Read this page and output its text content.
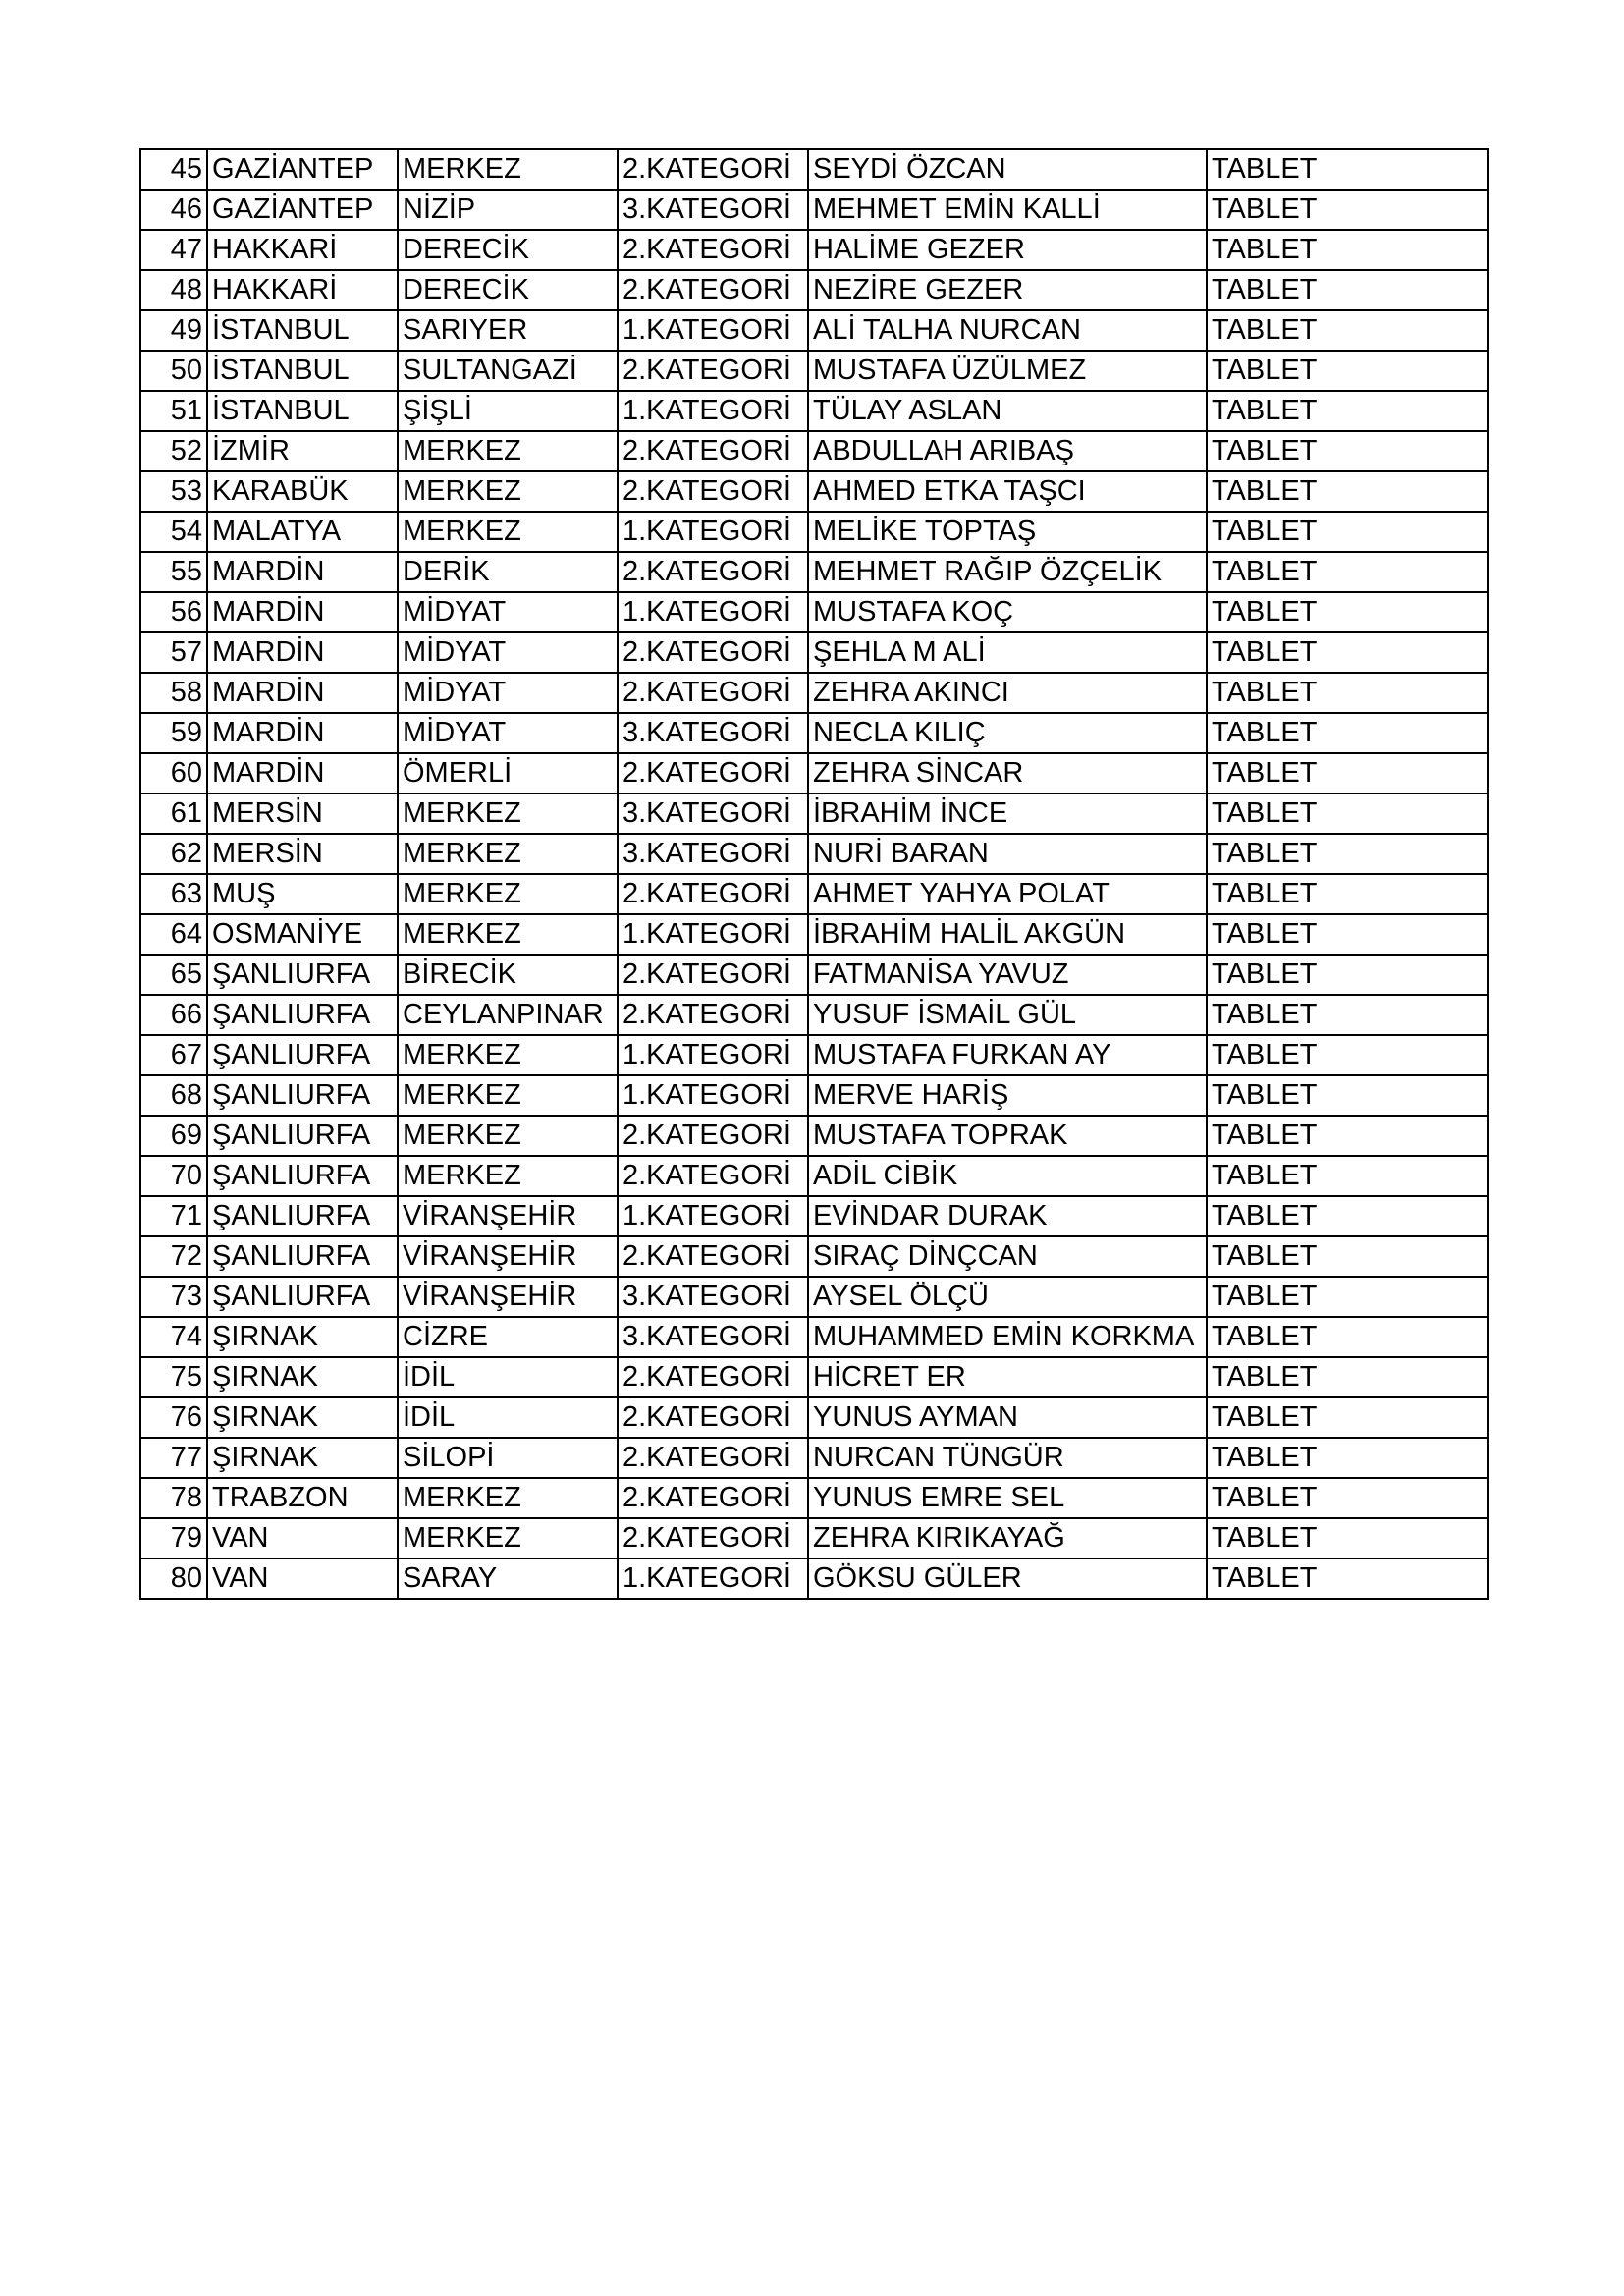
45	GAZİANTEP	MERKEZ	2.KATEGORİ	SEYDİ ÖZCAN	TABLET
46	GAZİANTEP	NİZİP	3.KATEGORİ	MEHMET EMİN KALLİ	TABLET
47	HAKKARİ	DERECİK	2.KATEGORİ	HALİME GEZER	TABLET
48	HAKKARİ	DERECİK	2.KATEGORİ	NEZİRE GEZER	TABLET
49	İSTANBUL	SARIYER	1.KATEGORİ	ALİ TALHA NURCAN	TABLET
50	İSTANBUL	SULTANGAZİ	2.KATEGORİ	MUSTAFA ÜZÜLMEZ	TABLET
51	İSTANBUL	ŞİŞLİ	1.KATEGORİ	TÜLAY ASLAN	TABLET
52	İZMİR	MERKEZ	2.KATEGORİ	ABDULLAH ARIBAŞ	TABLET
53	KARABÜK	MERKEZ	2.KATEGORİ	AHMED ETKA TAŞCI	TABLET
54	MALATYA	MERKEZ	1.KATEGORİ	MELİKE TOPTAŞ	TABLET
55	MARDİN	DERİK	2.KATEGORİ	MEHMET RAĞIP ÖZÇELİK	TABLET
56	MARDİN	MİDYAT	1.KATEGORİ	MUSTAFA KOÇ	TABLET
57	MARDİN	MİDYAT	2.KATEGORİ	ŞEHLA M ALİ	TABLET
58	MARDİN	MİDYAT	2.KATEGORİ	ZEHRA AKINCI	TABLET
59	MARDİN	MİDYAT	3.KATEGORİ	NECLA KILIÇ	TABLET
60	MARDİN	ÖMERLİ	2.KATEGORİ	ZEHRA SİNCAR	TABLET
61	MERSİN	MERKEZ	3.KATEGORİ	İBRAHİM İNCE	TABLET
62	MERSİN	MERKEZ	3.KATEGORİ	NURİ BARAN	TABLET
63	MUŞ	MERKEZ	2.KATEGORİ	AHMET YAHYA POLAT	TABLET
64	OSMANİYE	MERKEZ	1.KATEGORİ	İBRAHİM HALİL AKGÜN	TABLET
65	ŞANLIURFA	BİRECİK	2.KATEGORİ	FATMANİSA YAVUZ	TABLET
66	ŞANLIURFA	CEYLANPINAR	2.KATEGORİ	YUSUF İSMAİL GÜL	TABLET
67	ŞANLIURFA	MERKEZ	1.KATEGORİ	MUSTAFA FURKAN AY	TABLET
68	ŞANLIURFA	MERKEZ	1.KATEGORİ	MERVE HARİŞ	TABLET
69	ŞANLIURFA	MERKEZ	2.KATEGORİ	MUSTAFA TOPRAK	TABLET
70	ŞANLIURFA	MERKEZ	2.KATEGORİ	ADİL CİBİK	TABLET
71	ŞANLIURFA	VİRANŞEHİR	1.KATEGORİ	EVİNDAR DURAK	TABLET
72	ŞANLIURFA	VİRANŞEHİR	2.KATEGORİ	SIRAÇ DİNÇCAN	TABLET
73	ŞANLIURFA	VİRANŞEHİR	3.KATEGORİ	AYSEL ÖLÇÜ	TABLET
74	ŞIRNAK	CİZRE	3.KATEGORİ	MUHAMMED EMİN KORKMA	TABLET
75	ŞIRNAK	İDİL	2.KATEGORİ	HİCRET ER	TABLET
76	ŞIRNAK	İDİL	2.KATEGORİ	YUNUS AYMAN	TABLET
77	ŞIRNAK	SİLOPİ	2.KATEGORİ	NURCAN TÜNGÜR	TABLET
78	TRABZON	MERKEZ	2.KATEGORİ	YUNUS EMRE SEL	TABLET
79	VAN	MERKEZ	2.KATEGORİ	ZEHRA KIRIKAYAĞ	TABLET
80	VAN	SARAY	1.KATEGORİ	GÖKSU GÜLER	TABLET
